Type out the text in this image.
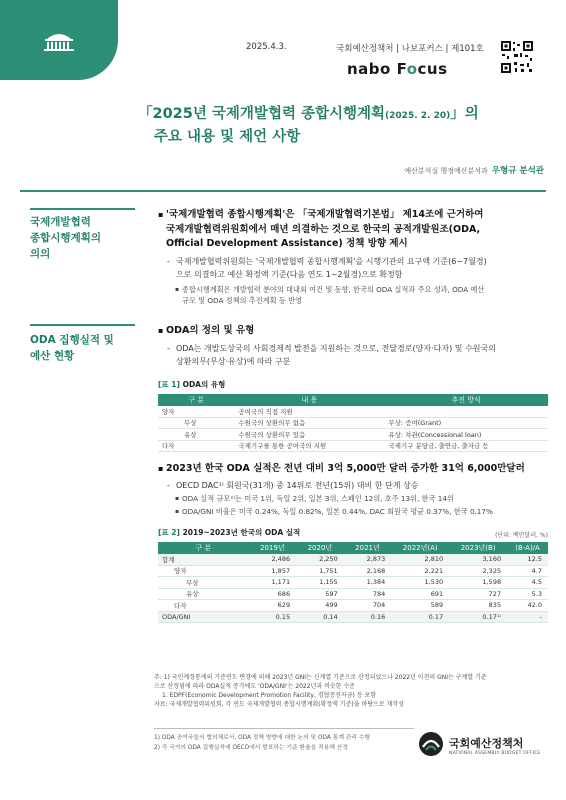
2025.4.3.	국회예산정책처 | 나보포커스 | 제101호
nabo Focus
「2025년 국제개발협력 종합시행계획(2025. 2. 20)」의
주요 내용 및 제언 사항
예산분석실 행정예산분석과 우형규 분석관
국제개발협력
종합시행계획의
의의
▪ '국제개발협력 종합시행계획'은 「국제개발협력기본법」 제14조에 근거하여
국제개발협력위원회에서 매년 의결하는 것으로 한국의 공적개발원조(ODA,
Official Development Assistance) 정책 방향 제시
- 국제개발협력위원회는 '국제개발협력 종합시행계획'을 시행기관의 요구액 기준(6~7월경)
으로 의결하고 예산 확정액 기준(다음 연도 1~2월경)으로 확정함
▪ 종합시행계획은 개발협력 분야의 대내외 여건 및 동향, 한국의 ODA 실적과 주요 성과, ODA 예산
규모 및 ODA 정책의 추진계획 등 반영
ODA 집행실적 및
예산 현황
▪ ODA의 정의 및 유형
- ODA는 개발도상국의 사회경제적 발전을 지원하는 것으로, 전달경로(양자·다자) 및 수원국의
상환의무(무상·유상)에 따라 구분
[표 1] ODA의 유형
구 분		내 용	추진 방식
양자		공여국의 직접 지원	
	무상	수원국의 상환의무 없음	무상: 증여(Grant)
	유상	수원국의 상환의무 있음	유상: 차관(Concessional loan)
다자		국제기구를 통한 공여국의 지원	국제기구 분담금, 출연금, 출자금 등
▪ 2023년 한국 ODA 실적은 전년 대비 3억 5,000만 달러 증가한 31억 6,000만달러
- OECD DAC¹⁾ 회원국(31개) 중 14위로 전년(15위) 대비 한 단계 상승
▪ ODA 실적 규모²⁾는 미국 1위, 독일 2위, 일본 3위, 스페인 12위, 호주 13위, 한국 14위
▪ ODA/GNI 비율은 미국 0.24%, 독일 0.82%, 일본 0.44%, DAC 회원국 평균 0.37%, 한국 0.17%
[표 2] 2019~2023년 한국의 ODA 실적	(단위: 백만달러, %)
구 분			2019년	2020년	2021년	2022년(A)	2023년(B)	(B-A)/A
합계			2,486	2,250	2,873	2,810	3,160	12.5
	양자		1,857	1,751	2,168	2,221	2,325	4.7
		무상	1,171	1,155	1,384	1,530	1,598	4.5
		유상	686	597	784	691	727	5.3
	다자		629	499	704	589	835	42.0
ODA/GNI			0.15	0.14	0.16	0.17	0.17¹⁾	-
주: 1) 국민계정통계의 기준연도 변경에 의해 2023년 GNI는 신계열 기준으로 산정되었으나 2022년 이전의 GNI는 구계열 기준
으로 산정됨에 따라 ODA실적 증가에도 'ODA/GNI'는 2022년과 비슷한 수준
1. EDPF(Economic Development Promotion Facility, 경협증진자금) 등 포함
자료: 국제개발협력위원회, 각 연도 국제개발협력 종합시행계획(확정액 기준)을 바탕으로 재작성
1) ODA 공여국들의 협의체로서, ODA 정책 방향에 대한 논의 및 ODA 통계 관리 수행
2) 각 국가의 ODA 집행실적에 OECD에서 발표하는 기준 환율을 적용해 산정	국회예산정책처
NATIONAL ASSEMBLY BUDGET OFFICE
